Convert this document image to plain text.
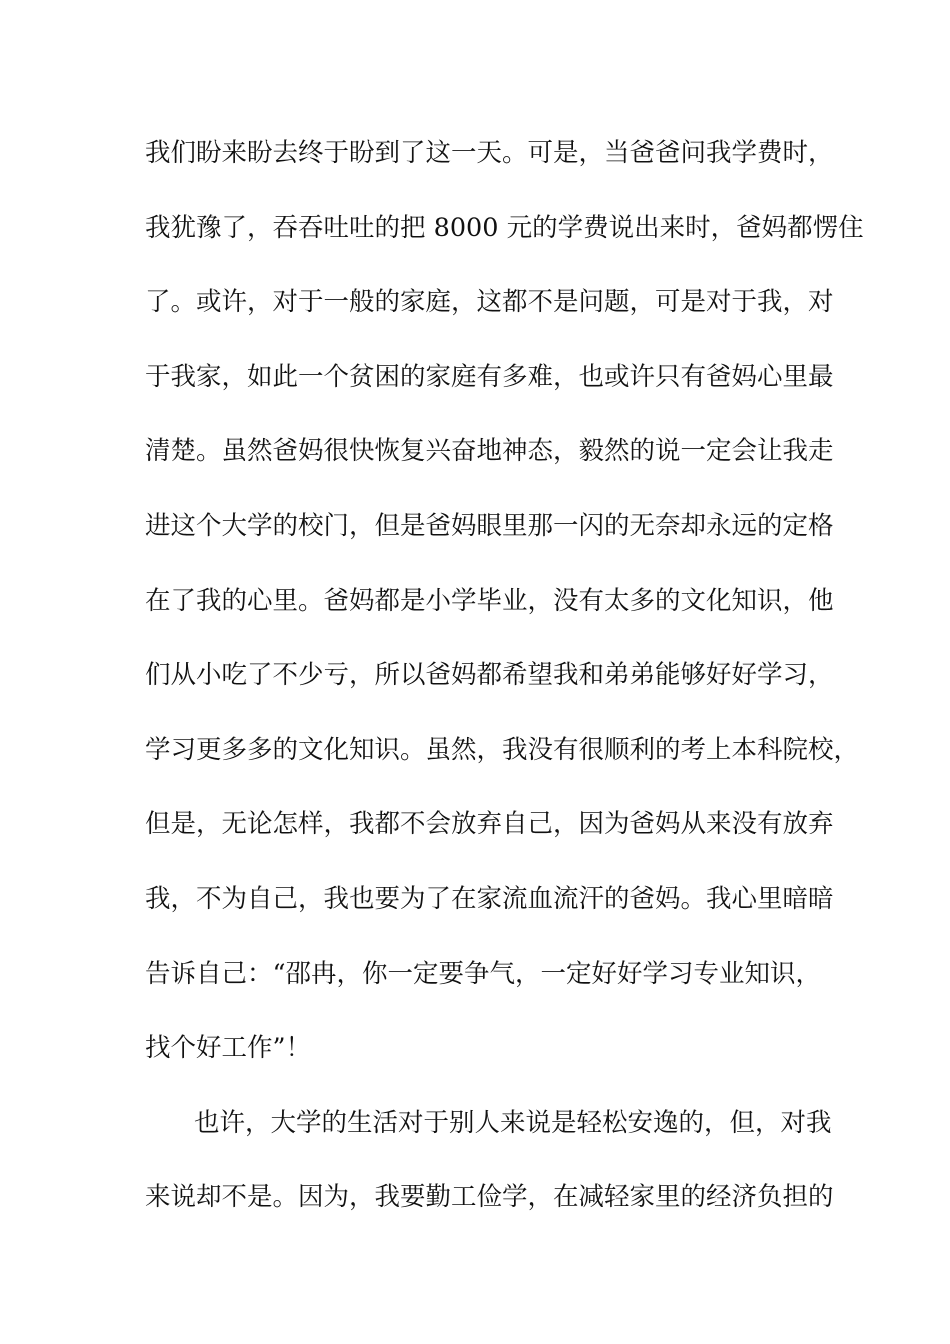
我们盼来盼去终于盼到了这一天。可是，当爸爸问我学费时，
我犹豫了，吞吞吐吐的把 8000 元的学费说出来时，爸妈都愣住
了。或许，对于一般的家庭，这都不是问题，可是对于我，对
于我家，如此一个贫困的家庭有多难，也或许只有爸妈心里最
清楚。虽然爸妈很快恢复兴奋地神态，毅然的说一定会让我走
进这个大学的校门，但是爸妈眼里那一闪的无奈却永远的定格
在了我的心里。爸妈都是小学毕业，没有太多的文化知识，他
们从小吃了不少亏，所以爸妈都希望我和弟弟能够好好学习，
学习更多多的文化知识。虽然，我没有很顺利的考上本科院校，
但是，无论怎样，我都不会放弃自己，因为爸妈从来没有放弃
我，不为自己，我也要为了在家流血流汗的爸妈。我心里暗暗
告诉自己：“邵冉，你一定要争气，一定好好学习专业知识，
找个好工作”！
也许，大学的生活对于别人来说是轻松安逸的，但，对我
来说却不是。因为，我要勤工俭学，在减轻家里的经济负担的
